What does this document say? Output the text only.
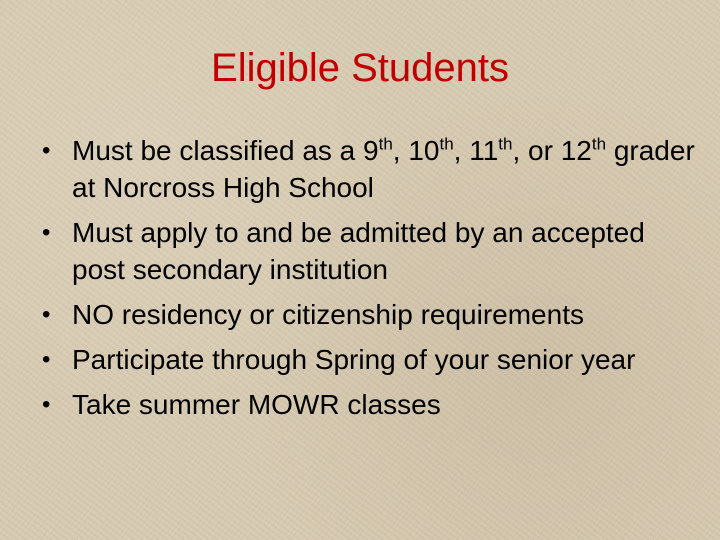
Eligible Students
• Must be classified as a 9th, 10th, 11th, or 12th grader at Norcross High School
• Must apply to and be admitted by an accepted post secondary institution
• NO residency or citizenship requirements
• Participate through Spring of your senior year
• Take summer MOWR classes
